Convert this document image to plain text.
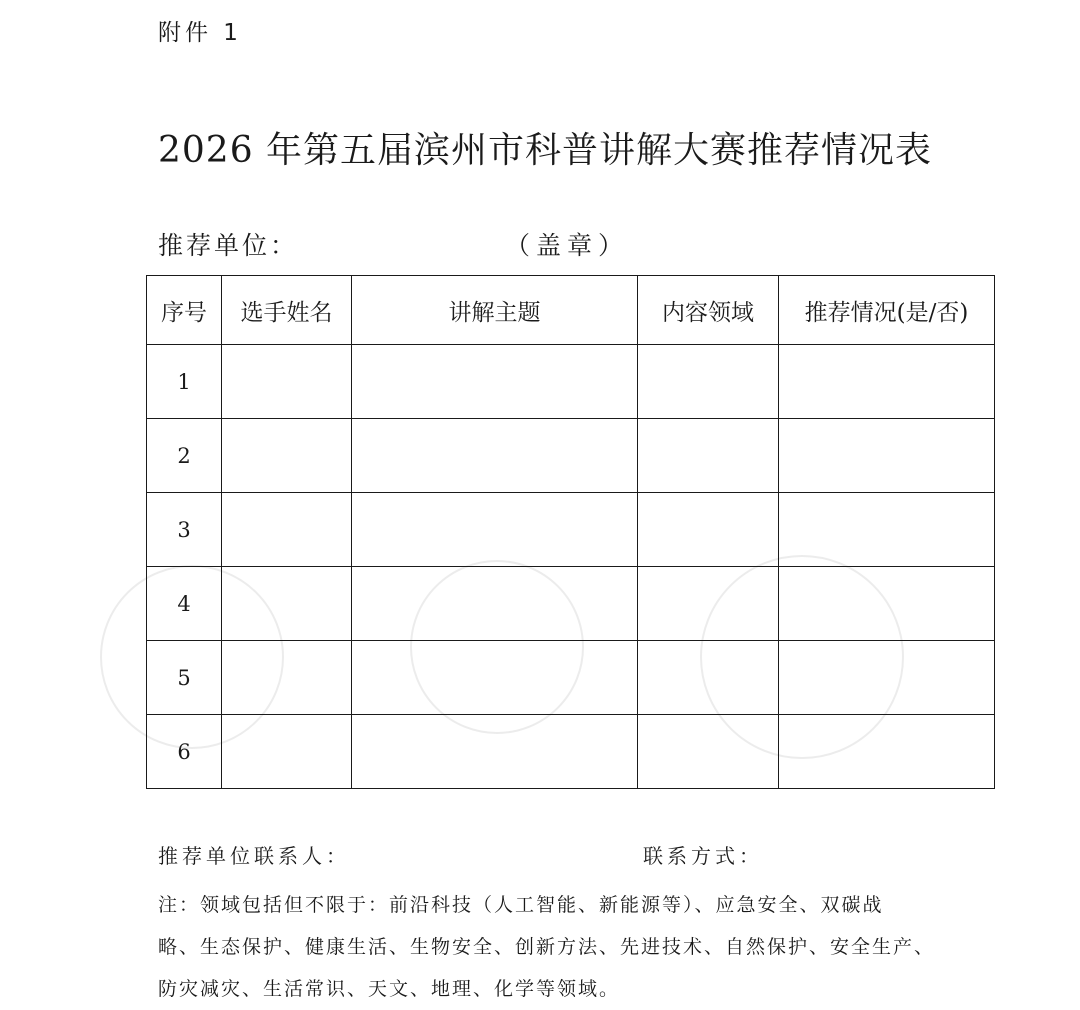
附件 1
2026 年第五届滨州市科普讲解大赛推荐情况表
推荐单位：	（盖章）
序号	选手姓名	讲解主题	内容领域	推荐情况(是/否)
1				
2				
3				
4				
5				
6				
推荐单位联系人：	联系方式：
注：领域包括但不限于：前沿科技（人工智能、新能源等）、应急安全、双碳战
略、生态保护、健康生活、生物安全、创新方法、先进技术、自然保护、安全生产、
防灾减灾、生活常识、天文、地理、化学等领域。
